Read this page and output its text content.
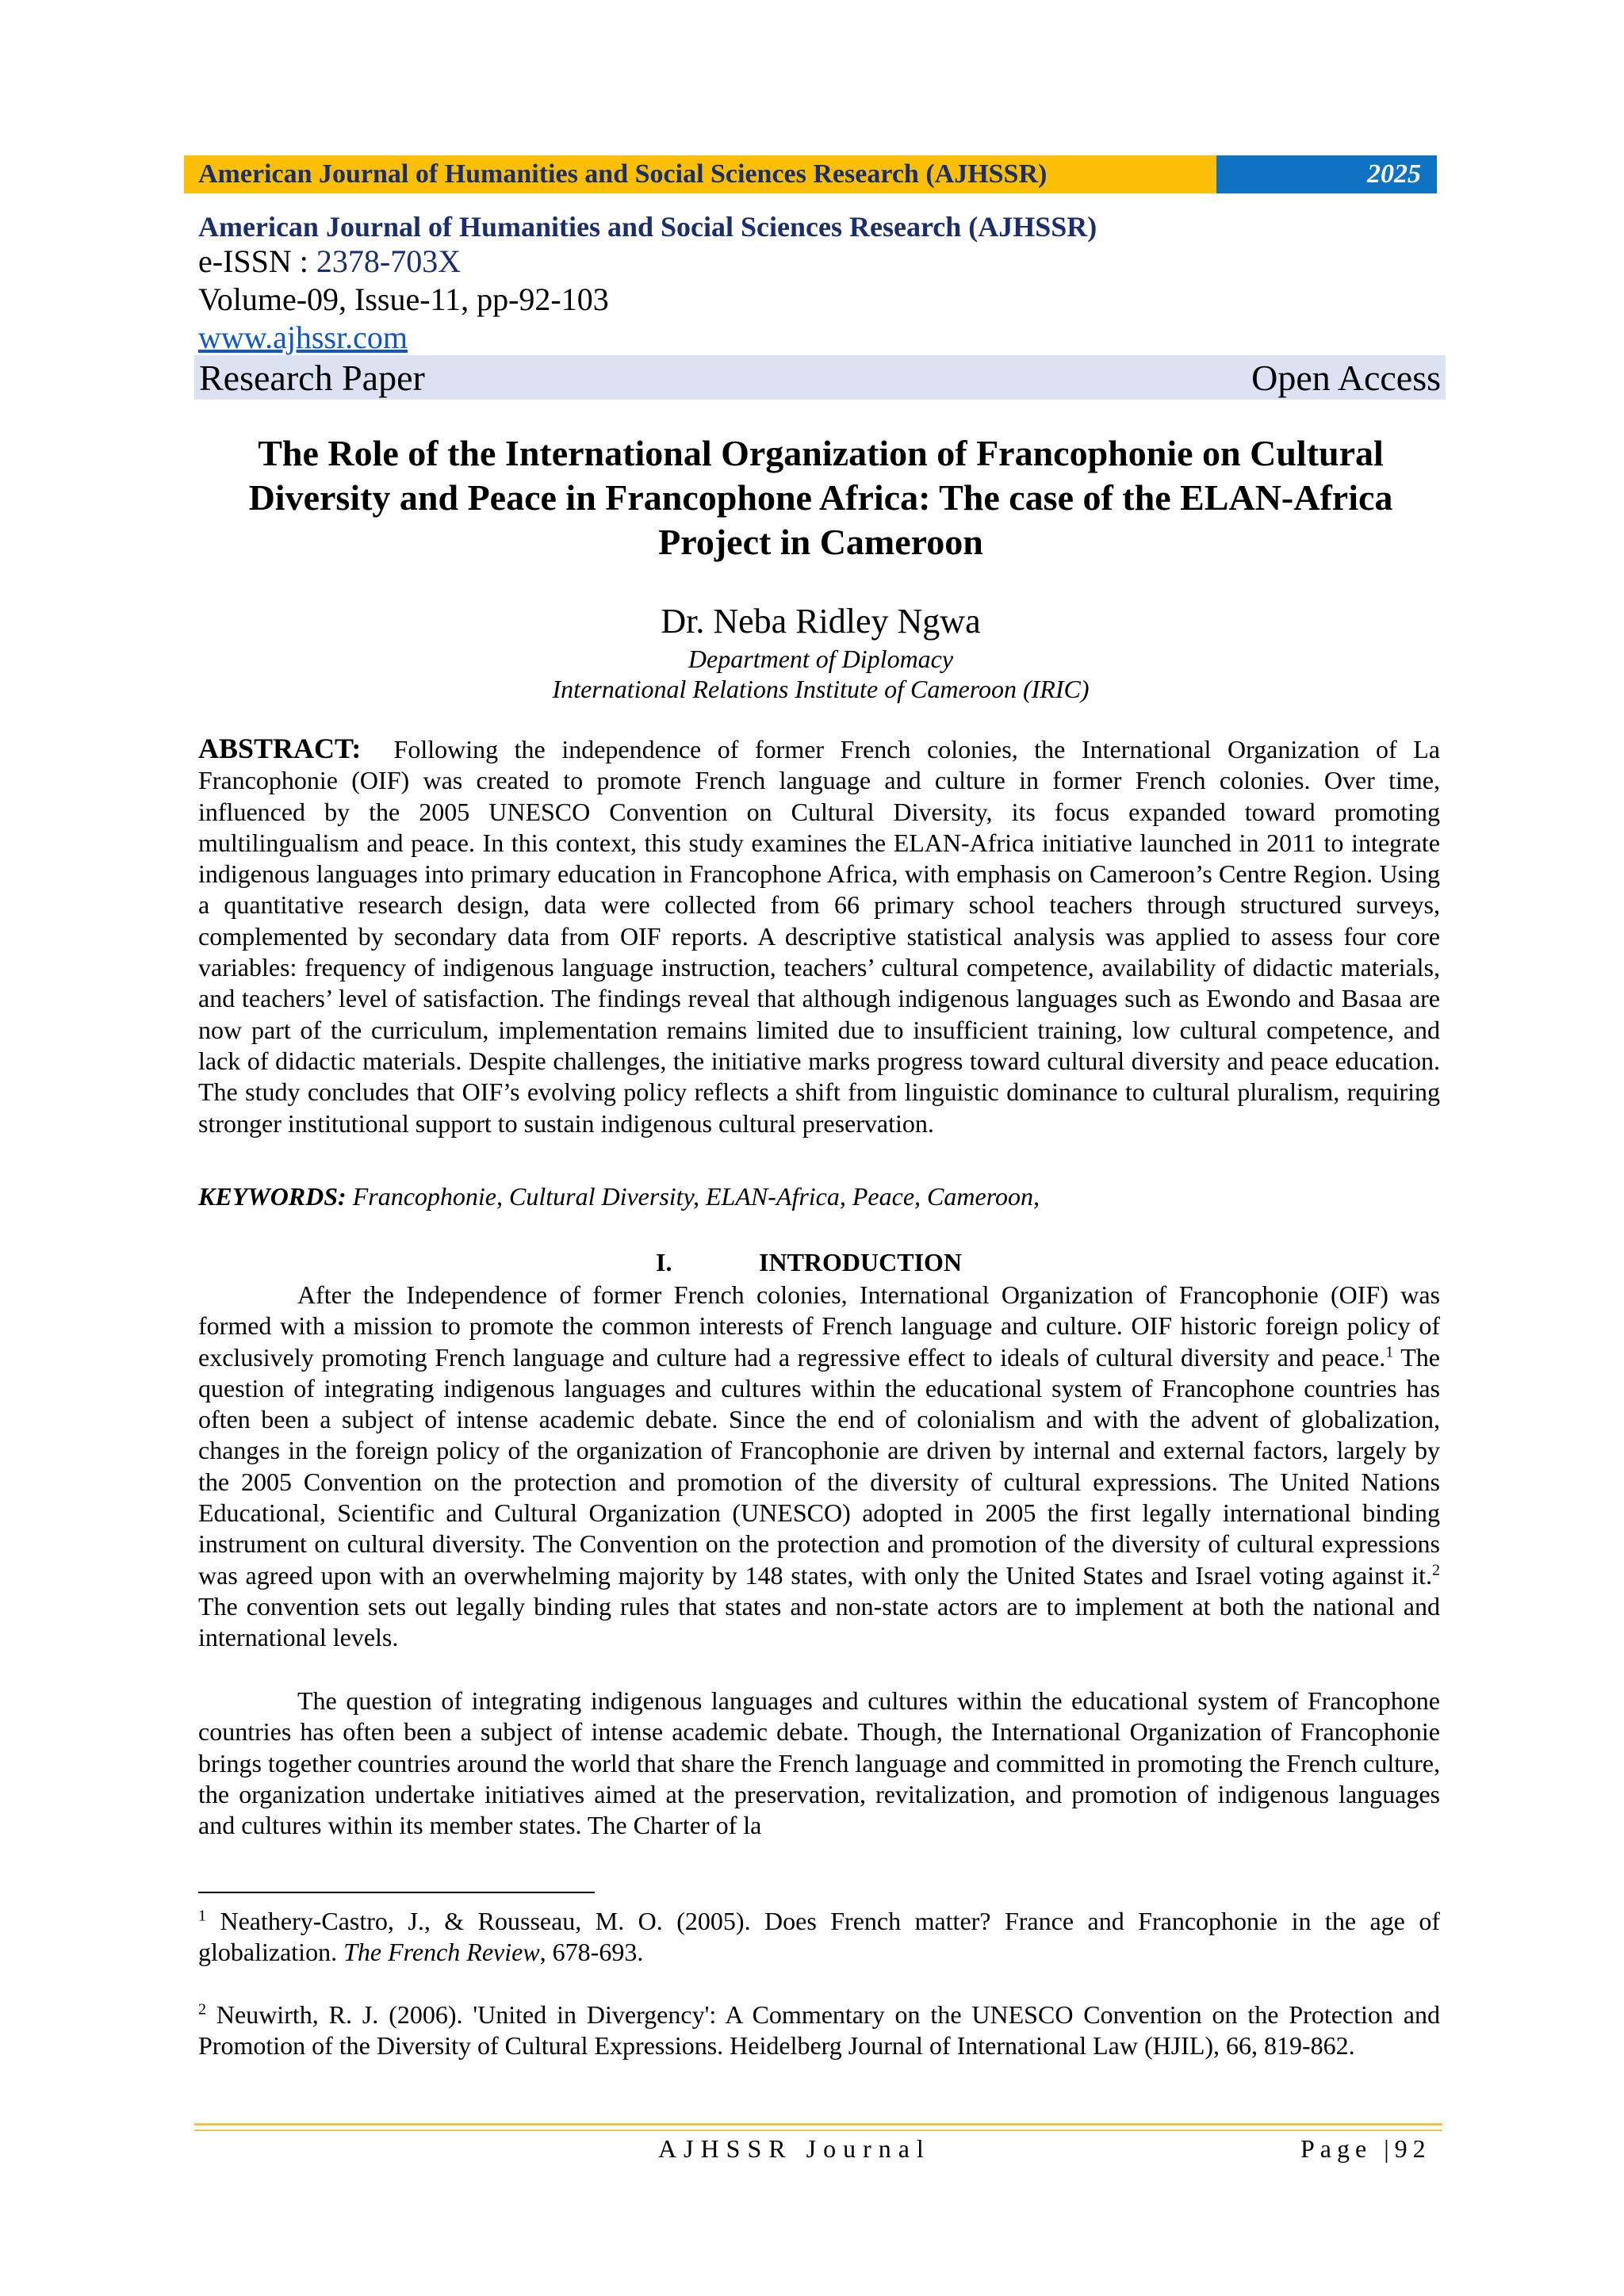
American Journal of Humanities and Social Sciences Research (AJHSSR)	2025
American Journal of Humanities and Social Sciences Research (AJHSSR)
e-ISSN : 2378-703X
Volume-09, Issue-11, pp-92-103
www.ajhssr.com
Research Paper	Open Access
The Role of the International Organization of Francophonie on Cultural Diversity and Peace in Francophone Africa: The case of the ELAN-Africa Project in Cameroon
Dr. Neba Ridley Ngwa
Department of Diplomacy
International Relations Institute of Cameroon (IRIC)
ABSTRACT: Following the independence of former French colonies, the International Organization of La Francophonie (OIF) was created to promote French language and culture in former French colonies. Over time, influenced by the 2005 UNESCO Convention on Cultural Diversity, its focus expanded toward promoting multilingualism and peace. In this context, this study examines the ELAN-Africa initiative launched in 2011 to integrate indigenous languages into primary education in Francophone Africa, with emphasis on Cameroon’s Centre Region. Using a quantitative research design, data were collected from 66 primary school teachers through structured surveys, complemented by secondary data from OIF reports. A descriptive statistical analysis was applied to assess four core variables: frequency of indigenous language instruction, teachers’ cultural competence, availability of didactic materials, and teachers’ level of satisfaction. The findings reveal that although indigenous languages such as Ewondo and Basaa are now part of the curriculum, implementation remains limited due to insufficient training, low cultural competence, and lack of didactic materials. Despite challenges, the initiative marks progress toward cultural diversity and peace education. The study concludes that OIF’s evolving policy reflects a shift from linguistic dominance to cultural pluralism, requiring stronger institutional support to sustain indigenous cultural preservation.
KEYWORDS: Francophonie, Cultural Diversity, ELAN-Africa, Peace, Cameroon,
I.	INTRODUCTION
After the Independence of former French colonies, International Organization of Francophonie (OIF) was formed with a mission to promote the common interests of French language and culture. OIF historic foreign policy of exclusively promoting French language and culture had a regressive effect to ideals of cultural diversity and peace.$^1$ The question of integrating indigenous languages and cultures within the educational system of Francophone countries has often been a subject of intense academic debate. Since the end of colonialism and with the advent of globalization, changes in the foreign policy of the organization of Francophonie are driven by internal and external factors, largely by the 2005 Convention on the protection and promotion of the diversity of cultural expressions. The United Nations Educational, Scientific and Cultural Organization (UNESCO) adopted in 2005 the first legally international binding instrument on cultural diversity. The Convention on the protection and promotion of the diversity of cultural expressions was agreed upon with an overwhelming majority by 148 states, with only the United States and Israel voting against it.$^2$ The convention sets out legally binding rules that states and non-state actors are to implement at both the national and international levels.
The question of integrating indigenous languages and cultures within the educational system of Francophone countries has often been a subject of intense academic debate. Though, the International Organization of Francophonie brings together countries around the world that share the French language and committed in promoting the French culture, the organization undertake initiatives aimed at the preservation, revitalization, and promotion of indigenous languages and cultures within its member states. The Charter of la
$^1$ Neathery-Castro, J., & Rousseau, M. O. (2005). Does French matter? France and Francophonie in the age of globalization. The French Review, 678-693.
$^2$ Neuwirth, R. J. (2006). 'United in Divergency': A Commentary on the UNESCO Convention on the Protection and Promotion of the Diversity of Cultural Expressions. Heidelberg Journal of International Law (HJIL), 66, 819-862.
AJHSSR Journal	Page |92
